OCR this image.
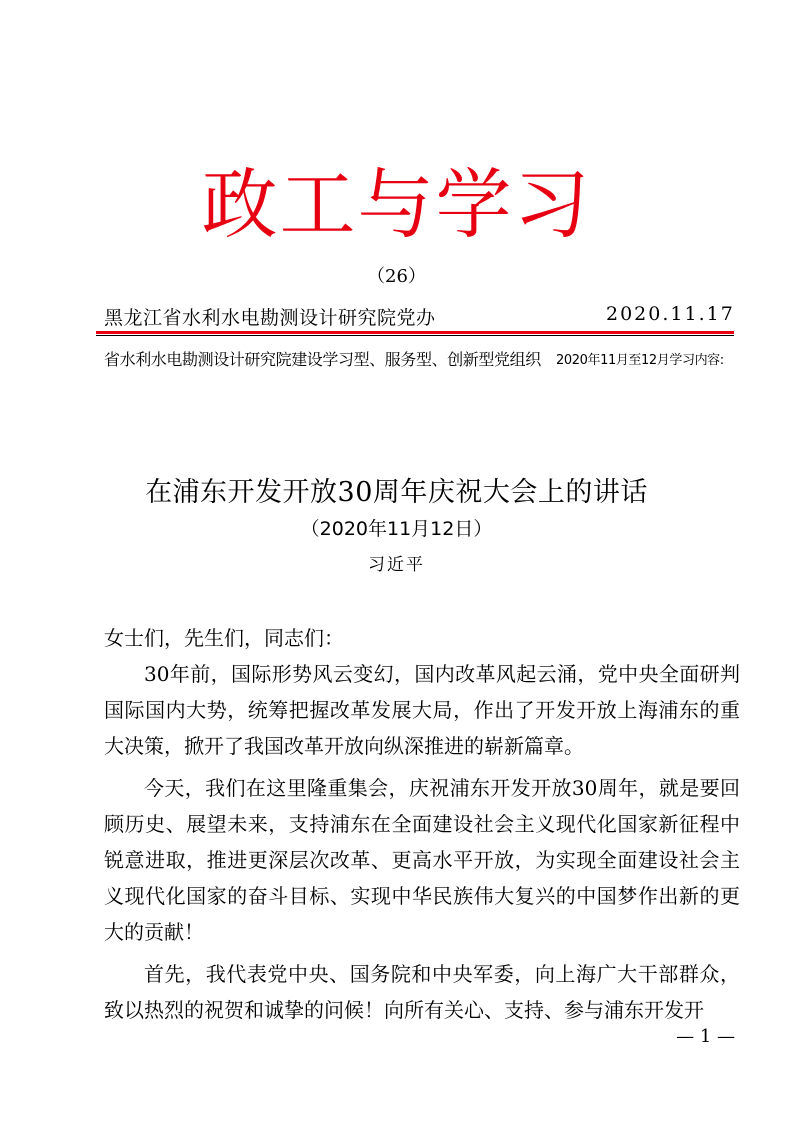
政工与学习
（26）
黑龙江省水利水电勘测设计研究院党办	2020.11.17
省水利水电勘测设计研究院建设学习型、服务型、创新型党组织 2020年11月至12月学习内容:
在浦东开发开放30周年庆祝大会上的讲话
（2020年11月12日）
习近平

女士们，先生们，同志们：

30年前，国际形势风云变幻，国内改革风起云涌，党中央全面研判国际国内大势，统筹把握改革发展大局，作出了开发开放上海浦东的重大决策，掀开了我国改革开放向纵深推进的崭新篇章。

今天，我们在这里隆重集会，庆祝浦东开发开放30周年，就是要回顾历史、展望未来，支持浦东在全面建设社会主义现代化国家新征程中锐意进取，推进更深层次改革、更高水平开放，为实现全面建设社会主义现代化国家的奋斗目标、实现中华民族伟大复兴的中国梦作出新的更大的贡献！

首先，我代表党中央、国务院和中央军委，向上海广大干部群众，致以热烈的祝贺和诚挚的问候！向所有关心、支持、参与浦东开发开

— 1 —
